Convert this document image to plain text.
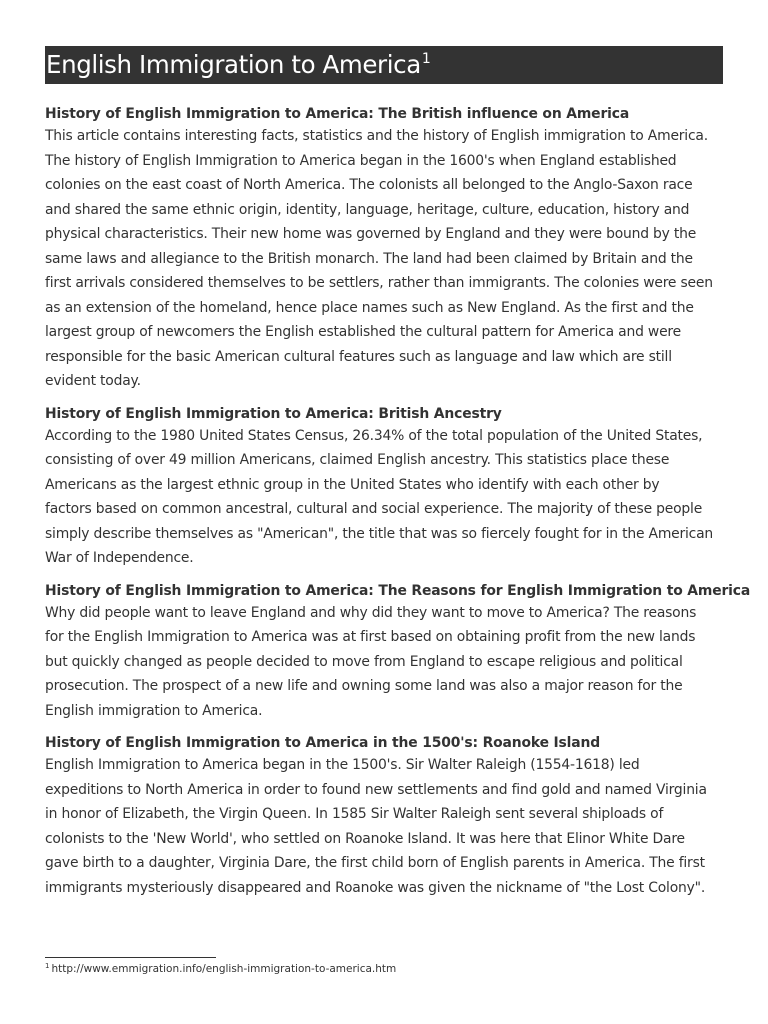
English Immigration to America$^1$
History of English Immigration to America: The British influence on America

This article contains interesting facts, statistics and the history of English immigration to America.
The history of English Immigration to America began in the 1600's when England established
colonies on the east coast of North America. The colonists all belonged to the Anglo-Saxon race
and shared the same ethnic origin, identity, language, heritage, culture, education, history and
physical characteristics. Their new home was governed by England and they were bound by the
same laws and allegiance to the British monarch. The land had been claimed by Britain and the
first arrivals considered themselves to be settlers, rather than immigrants. The colonies were seen
as an extension of the homeland, hence place names such as New England. As the first and the
largest group of newcomers the English established the cultural pattern for America and were
responsible for the basic American cultural features such as language and law which are still
evident today.

History of English Immigration to America: British Ancestry

According to the 1980 United States Census, 26.34% of the total population of the United States,
consisting of over 49 million Americans, claimed English ancestry. This statistics place these
Americans as the largest ethnic group in the United States who identify with each other by
factors based on common ancestral, cultural and social experience. The majority of these people
simply describe themselves as "American", the title that was so fiercely fought for in the American
War of Independence.

History of English Immigration to America: The Reasons for English Immigration to America

Why did people want to leave England and why did they want to move to America? The reasons
for the English Immigration to America was at first based on obtaining profit from the new lands
but quickly changed as people decided to move from England to escape religious and political
prosecution. The prospect of a new life and owning some land was also a major reason for the
English immigration to America.

History of English Immigration to America in the 1500's: Roanoke Island

English Immigration to America began in the 1500's. Sir Walter Raleigh (1554-1618) led
expeditions to North America in order to found new settlements and find gold and named Virginia
in honor of Elizabeth, the Virgin Queen. In 1585 Sir Walter Raleigh sent several shiploads of
colonists to the 'New World', who settled on Roanoke Island. It was here that Elinor White Dare
gave birth to a daughter, Virginia Dare, the first child born of English parents in America. The first
immigrants mysteriously disappeared and Roanoke was given the nickname of "the Lost Colony".

$^1$ http://www.emmigration.info/english-immigration-to-america.htm
